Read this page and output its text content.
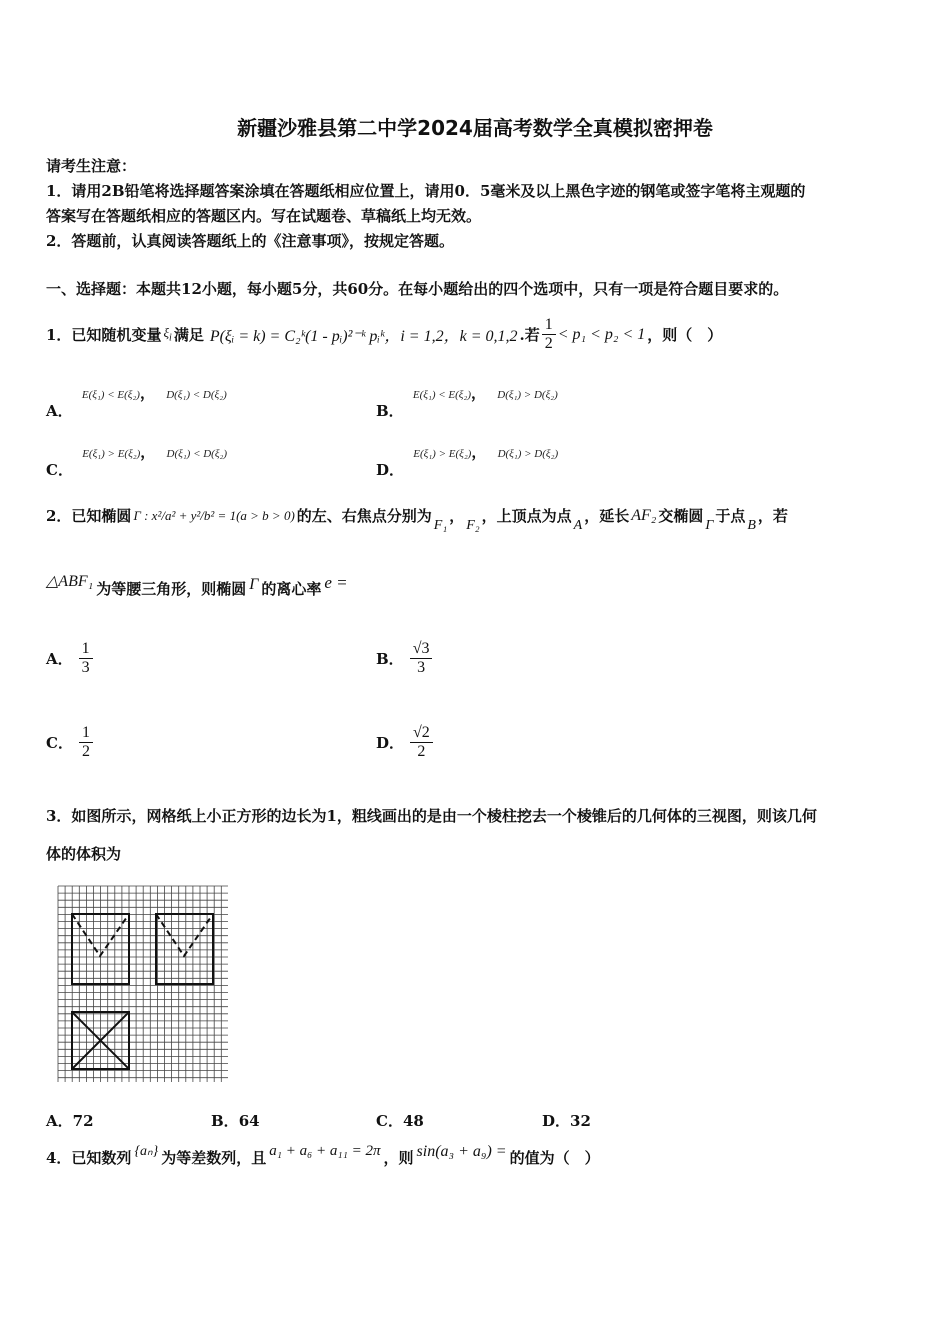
新疆沙雅县第二中学2024届高考数学全真模拟密押卷
请考生注意：
1．请用2B铅笔将选择题答案涂填在答题纸相应位置上，请用0．5毫米及以上黑色字迹的钢笔或签字笔将主观题的
答案写在答题纸相应的答题区内。写在试题卷、草稿纸上均无效。
2．答题前，认真阅读答题纸上的《注意事项》，按规定答题。
一、选择题：本题共12小题，每小题5分，共60分。在每小题给出的四个选项中，只有一项是符合题目要求的。
1．已知随机变量 $\xi_i$ 满足 P(ξᵢ = k) = C₂ᵏ(1 - pᵢ)²⁻ᵏ pᵢᵏ，i = 1,2，k = 0,1,2 .若 $\frac{1}{2} < p_1 < p_2 < 1$ ，则（　）
A． E(ξ₁) < E(ξ₂)， D(ξ₁) < D(ξ₂)
B． E(ξ₁) < E(ξ₂)， D(ξ₁) > D(ξ₂)
C． E(ξ₁) > E(ξ₂)， D(ξ₁) < D(ξ₂)
D． E(ξ₁) > E(ξ₂)， D(ξ₁) > D(ξ₂)
2．已知椭圆 Γ : x²/a² + y²/b² = 1(a > b > 0) 的左、右焦点分别为 F₁ ， F₂ ，上顶点为点 A ，延长 AF₂ 交椭圆 Γ 于点 B ，若
△ABF₁ 为等腰三角形，则椭圆 Γ 的离心率 e =
A． $\frac{1}{3}$	B． $\frac{√3}{3}$
C． $\frac{1}{2}$	D． $\frac{√2}{2}$
3．如图所示，网格纸上小正方形的边长为1，粗线画出的是由一个棱柱挖去一个棱锥后的几何体的三视图，则该几何
体的体积为
A．72	B．64	C．48	D．32
4．已知数列 {aₙ} 为等差数列，且 a₁ + a₆ + a₁₁ = 2π ，则 sin(a₃ + a₉) = 的值为（　）
